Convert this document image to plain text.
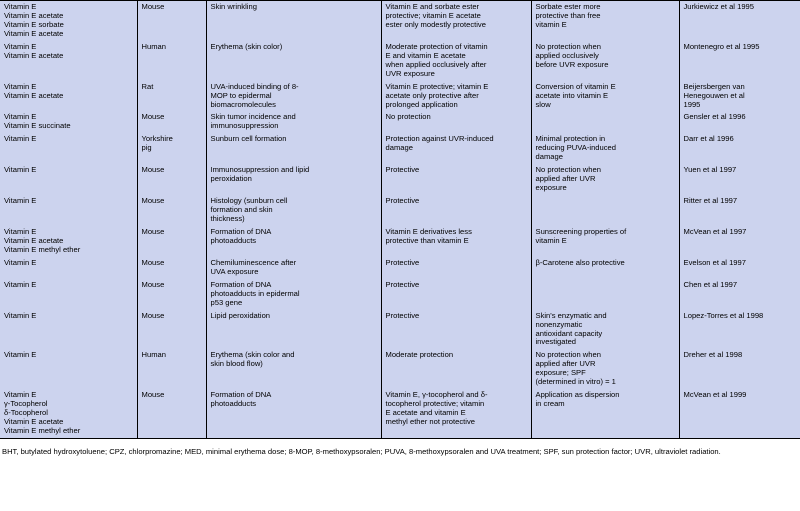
Vitamin E
Vitamin E acetate
Vitamin E sorbate
Vitamin E acetate	Mouse	Skin wrinkling	Vitamin E and sorbate ester
protective; vitamin E acetate
ester only modestly protective	Sorbate ester more
protective than free
vitamin E	Jurkiewicz et al 1995

Vitamin E
Vitamin E acetate	Human	Erythema (skin color)	Moderate protection of vitamin
E and vitamin E acetate
when applied occlusively after
UVR exposure	No protection when
applied occlusively
before UVR exposure	Montenegro et al 1995

Vitamin E
Vitamin E acetate	Rat	UVA-induced binding of 8-
MOP to epidermal
biomacromolecules	Vitamin E protective; vitamin E
acetate only protective after
prolonged application	Conversion of vitamin E
acetate into vitamin E
slow	Beijersbergen van
Henegouwen et al
1995

Vitamin E
Vitamin E succinate	Mouse	Skin tumor incidence and
immunosuppression	No protection		Gensler et al 1996

Vitamin E	Yorkshire
pig	Sunburn cell formation	Protection against UVR-induced
damage	Minimal protection in
reducing PUVA-induced
damage	Darr et al 1996

Vitamin E	Mouse	Immunosuppression and lipid
peroxidation	Protective	No protection when
applied after UVR
exposure	Yuen et al 1997

Vitamin E	Mouse	Histology (sunburn cell
formation and skin
thickness)	Protective		Ritter et al 1997

Vitamin E
Vitamin E acetate
Vitamin E methyl ether	Mouse	Formation of DNA
photoadducts	Vitamin E derivatives less
protective than vitamin E	Sunscreening properties of
vitamin E	McVean et al 1997

Vitamin E	Mouse	Chemiluminescence after
UVA exposure	Protective	β-Carotene also protective	Evelson et al 1997

Vitamin E	Mouse	Formation of DNA
photoadducts in epidermal
p53 gene	Protective		Chen et al 1997

Vitamin E	Mouse	Lipid peroxidation	Protective	Skin's enzymatic and
nonenzymatic
antioxidant capacity
investigated	Lopez-Torres et al 1998

Vitamin E	Human	Erythema (skin color and
skin blood flow)	Moderate protection	No protection when
applied after UVR
exposure; SPF
(determined in vitro) = 1	Dreher et al 1998

Vitamin E
γ-Tocopherol
δ-Tocopherol
Vitamin E acetate
Vitamin E methyl ether	Mouse	Formation of DNA
photoadducts	Vitamin E, γ-tocopherol and δ-
tocopherol protective; vitamin
E acetate and vitamin E
methyl ether not protective	Application as dispersion
in cream	McVean et al 1999
BHT, butylated hydroxytoluene; CPZ, chlorpromazine; MED, minimal erythema dose; 8-MOP, 8-methoxypsoralen; PUVA, 8-methoxypsoralen and UVA treatment; SPF, sun protection factor; UVR, ultraviolet radiation.
